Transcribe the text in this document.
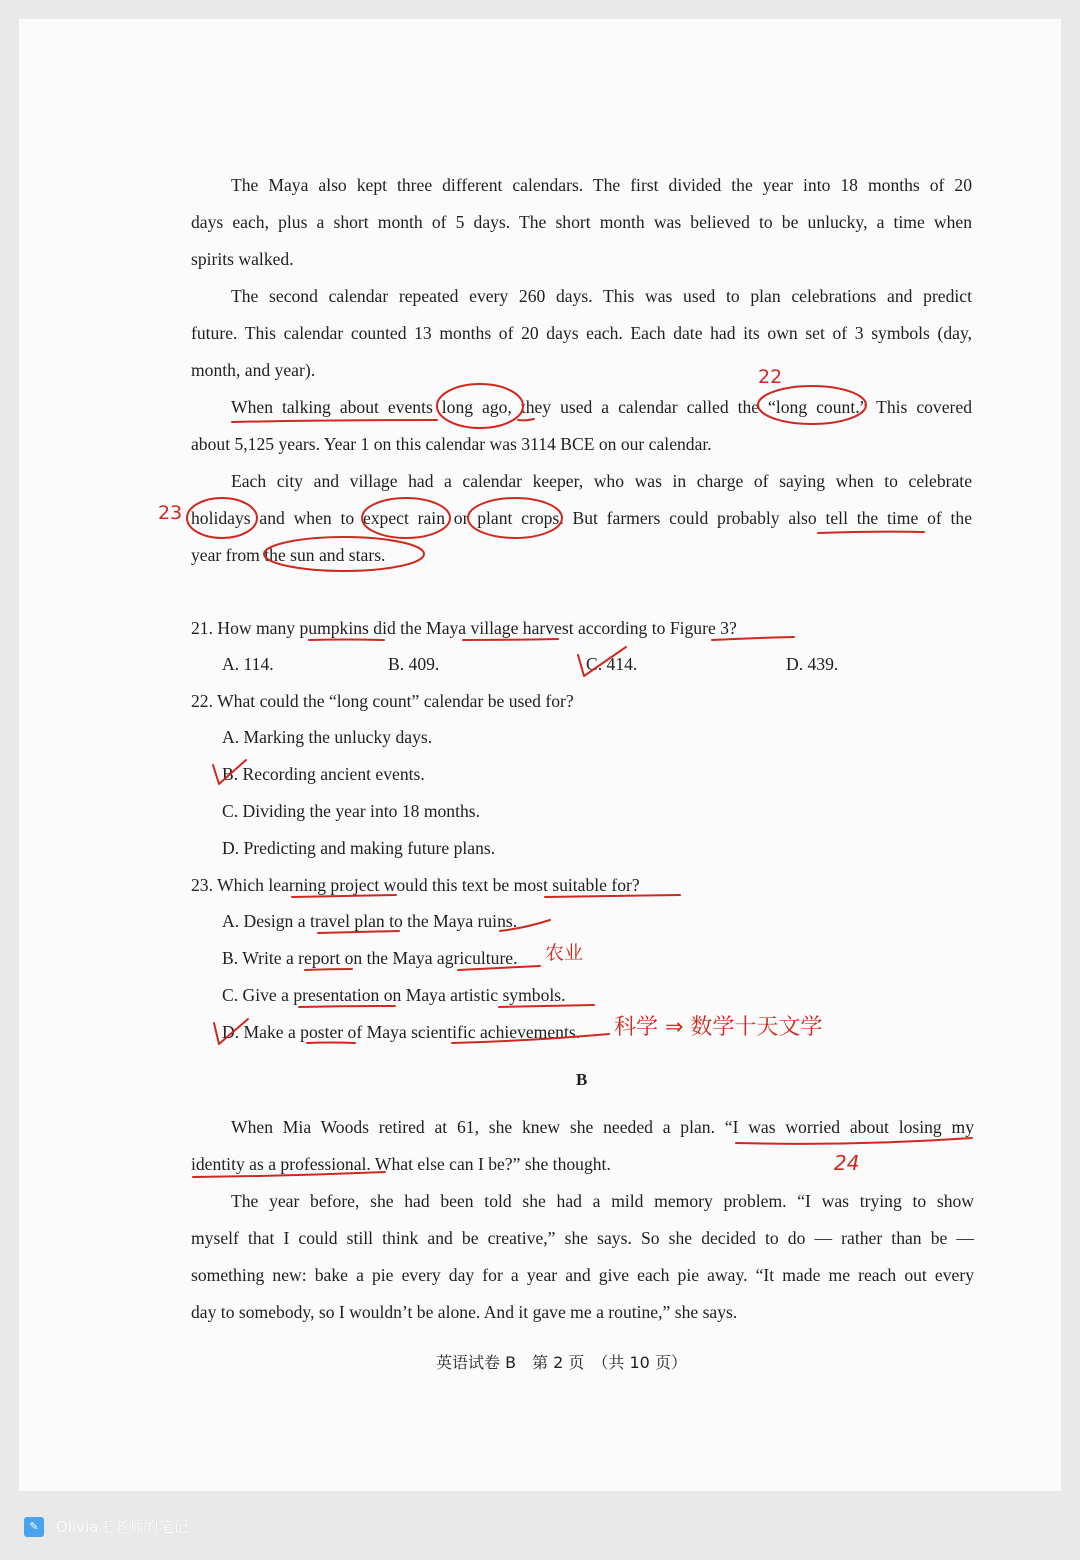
The Maya also kept three different calendars. The first divided the year into 18 months of 20

days each, plus a short month of 5 days. The short month was believed to be unlucky, a time when

spirits walked.

The second calendar repeated every 260 days. This was used to plan celebrations and predict

future. This calendar counted 13 months of 20 days each. Each date had its own set of 3 symbols (day,

month, and year).

When talking about events long ago, they used a calendar called the “long count.” This covered

about 5,125 years. Year 1 on this calendar was 3114 BCE on our calendar.

Each city and village had a calendar keeper, who was in charge of saying when to celebrate

holidays and when to expect rain or plant crops. But farmers could probably also tell the time of the

year from the sun and stars.

21. How many pumpkins did the Maya village harvest according to Figure 3?

A. 114.	B. 409.	C. 414.	D. 439.

22. What could the “long count” calendar be used for?

A. Marking the unlucky days.

B. Recording ancient events.

C. Dividing the year into 18 months.

D. Predicting and making future plans.

23. Which learning project would this text be most suitable for?

A. Design a travel plan to the Maya ruins.

B. Write a report on the Maya agriculture.

C. Give a presentation on Maya artistic symbols.

D. Make a poster of Maya scientific achievements.

B

When Mia Woods retired at 61, she knew she needed a plan. “I was worried about losing my

identity as a professional. What else can I be?” she thought.

The year before, she had been told she had a mild memory problem. “I was trying to show

myself that I could still think and be creative,” she says. So she decided to do — rather than be —

something new: bake a pie every day for a year and give each pie away. “It made me reach out every

day to somebody, so I wouldn’t be alone. And it gave me a routine,” she says.

英语试卷 B　第 2 页　（共 10 页）

22
23
24
农业
科学 ⇒ 数学十天文学
✎	Olivia王老师的笔记
